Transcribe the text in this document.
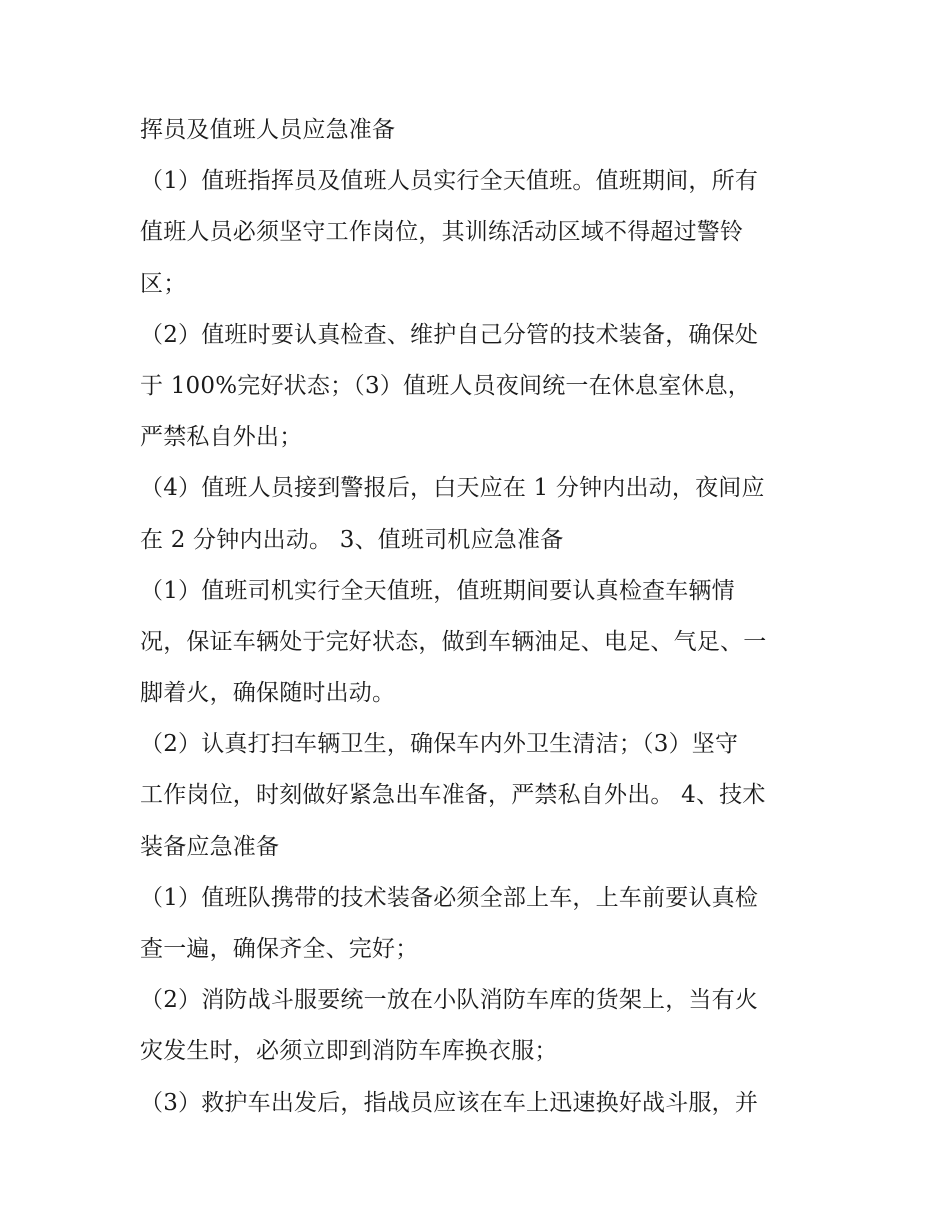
挥员及值班人员应急准备
（1）值班指挥员及值班人员实行全天值班。值班期间，所有
值班人员必须坚守工作岗位，其训练活动区域不得超过警铃
区；
（2）值班时要认真检查、维护自己分管的技术装备，确保处
于 100%完好状态；（3）值班人员夜间统一在休息室休息，
严禁私自外出；
（4）值班人员接到警报后，白天应在 1 分钟内出动，夜间应
在 2 分钟内出动。 3、值班司机应急准备
（1）值班司机实行全天值班，值班期间要认真检查车辆情
况，保证车辆处于完好状态，做到车辆油足、电足、气足、一
脚着火，确保随时出动。
（2）认真打扫车辆卫生，确保车内外卫生清洁；（3）坚守
工作岗位，时刻做好紧急出车准备，严禁私自外出。 4、技术
装备应急准备
（1）值班队携带的技术装备必须全部上车，上车前要认真检
查一遍，确保齐全、完好；
（2）消防战斗服要统一放在小队消防车库的货架上，当有火
灾发生时，必须立即到消防车库换衣服；
（3）救护车出发后，指战员应该在车上迅速换好战斗服，并
